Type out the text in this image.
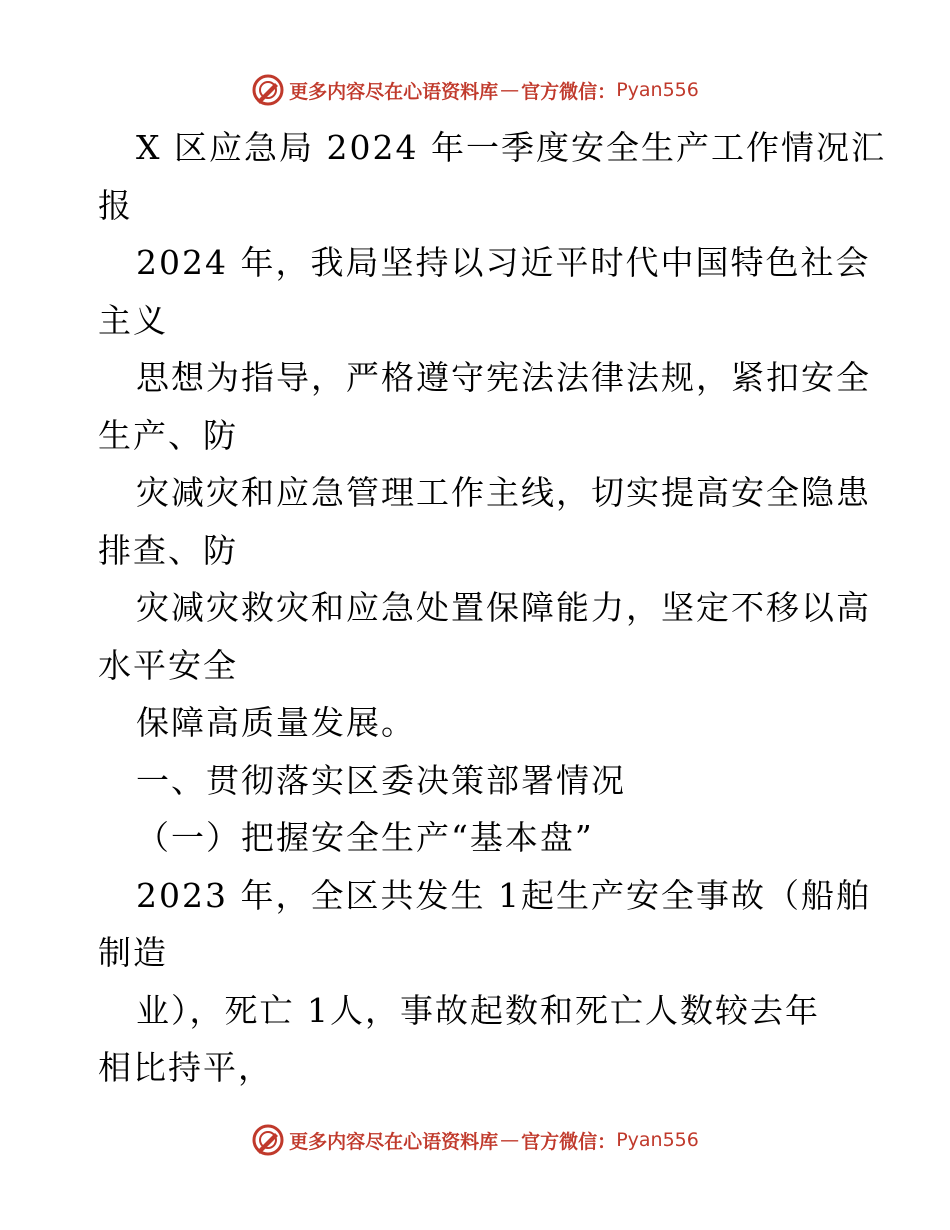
更多内容尽在心语资料库 — 官方微信： Pyan556
X 区应急局 2024 年一季度安全生产工作情况汇
报
2024 年，我局坚持以习近平时代中国特色社会
主义
思想为指导，严格遵守宪法法律法规，紧扣安全
生产、防
灾减灾和应急管理工作主线，切实提高安全隐患
排查、防
灾减灾救灾和应急处置保障能力，坚定不移以高
水平安全
保障高质量发展。
一、贯彻落实区委决策部署情况
（一）把握安全生产“基本盘”
2023 年，全区共发生 1起生产安全事故（船舶
制造
业），死亡 1人，事故起数和死亡人数较去年
相比持平，
更多内容尽在心语资料库 — 官方微信： Pyan556
